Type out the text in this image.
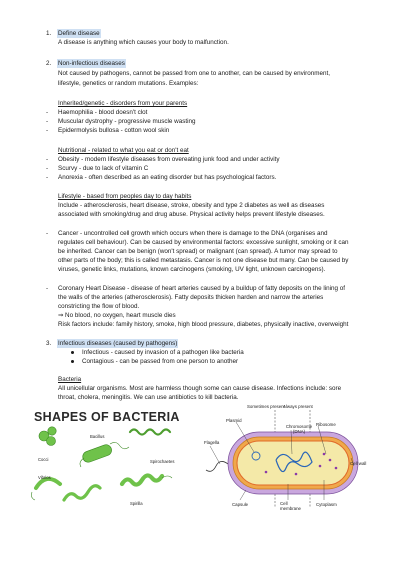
1. Define disease
A disease is anything which causes your body to malfunction.
2. Non-infectious diseases
Not caused by pathogens, cannot be passed from one to another, can be caused by environment,
lifestyle, genetics or random mutations. Examples:
Inherited/genetic - disorders from your parents
- Haemophilia - blood doesn't clot
- Muscular dystrophy - progressive muscle wasting
- Epidermolysis bullosa - cotton wool skin
Nutritional - related to what you eat or don't eat
- Obesity - modern lifestyle diseases from overeating junk food and under activity
- Scurvy - due to lack of vitamin C
- Anorexia - often described as an eating disorder but has psychological factors.
Lifestyle - based from peoples day to day habits
Include - atherosclerosis, heart disease, stroke, obesity and type 2 diabetes as well as diseases
associated with smoking/drug and drug abuse. Physical activity helps prevent lifestyle diseases.
- Cancer - uncontrolled cell growth which occurs when there is damage to the DNA (organises and
regulates cell behaviour). Can be caused by environmental factors: excessive sunlight, smoking or it can
be inherited. Cancer can be benign (won't spread) or malignant (can spread). A tumor may spread to
other parts of the body; this is called metastasis. Cancer is not one disease but many. Can be caused by
viruses, genetic links, mutations, known carcinogens (smoking, UV light, unknown carcinogens).
- Coronary Heart Disease - disease of heart arteries caused by a buildup of fatty deposits on the lining of
the walls of the arteries (atherosclerosis). Fatty deposits thicken harden and narrow the arteries
constricting the flow of blood.
⇒ No blood, no oxygen, heart muscle dies
Risk factors include: family history, smoke, high blood pressure, diabetes, physically inactive, overweight
3. Infectious diseases (caused by pathogens)
Infectious - caused by invasion of a pathogen like bacteria
Contagious - can be passed from one person to another
Bacteria
All unicellular organisms. Most are harmless though some can cause disease. Infections include: sore
throat, cholera, meningitis. We can use antibiotics to kill bacteria.
SHAPES OF BACTERIA
Bacillus
Cocci	Spirochaetes
Vibrios
Spirilla
Sometimes present
Always present
Plasmid
Chromosome (DNA)
Ribosome
Flagella
Cell wall
Capsule	Cell membrane
Cytoplasm
